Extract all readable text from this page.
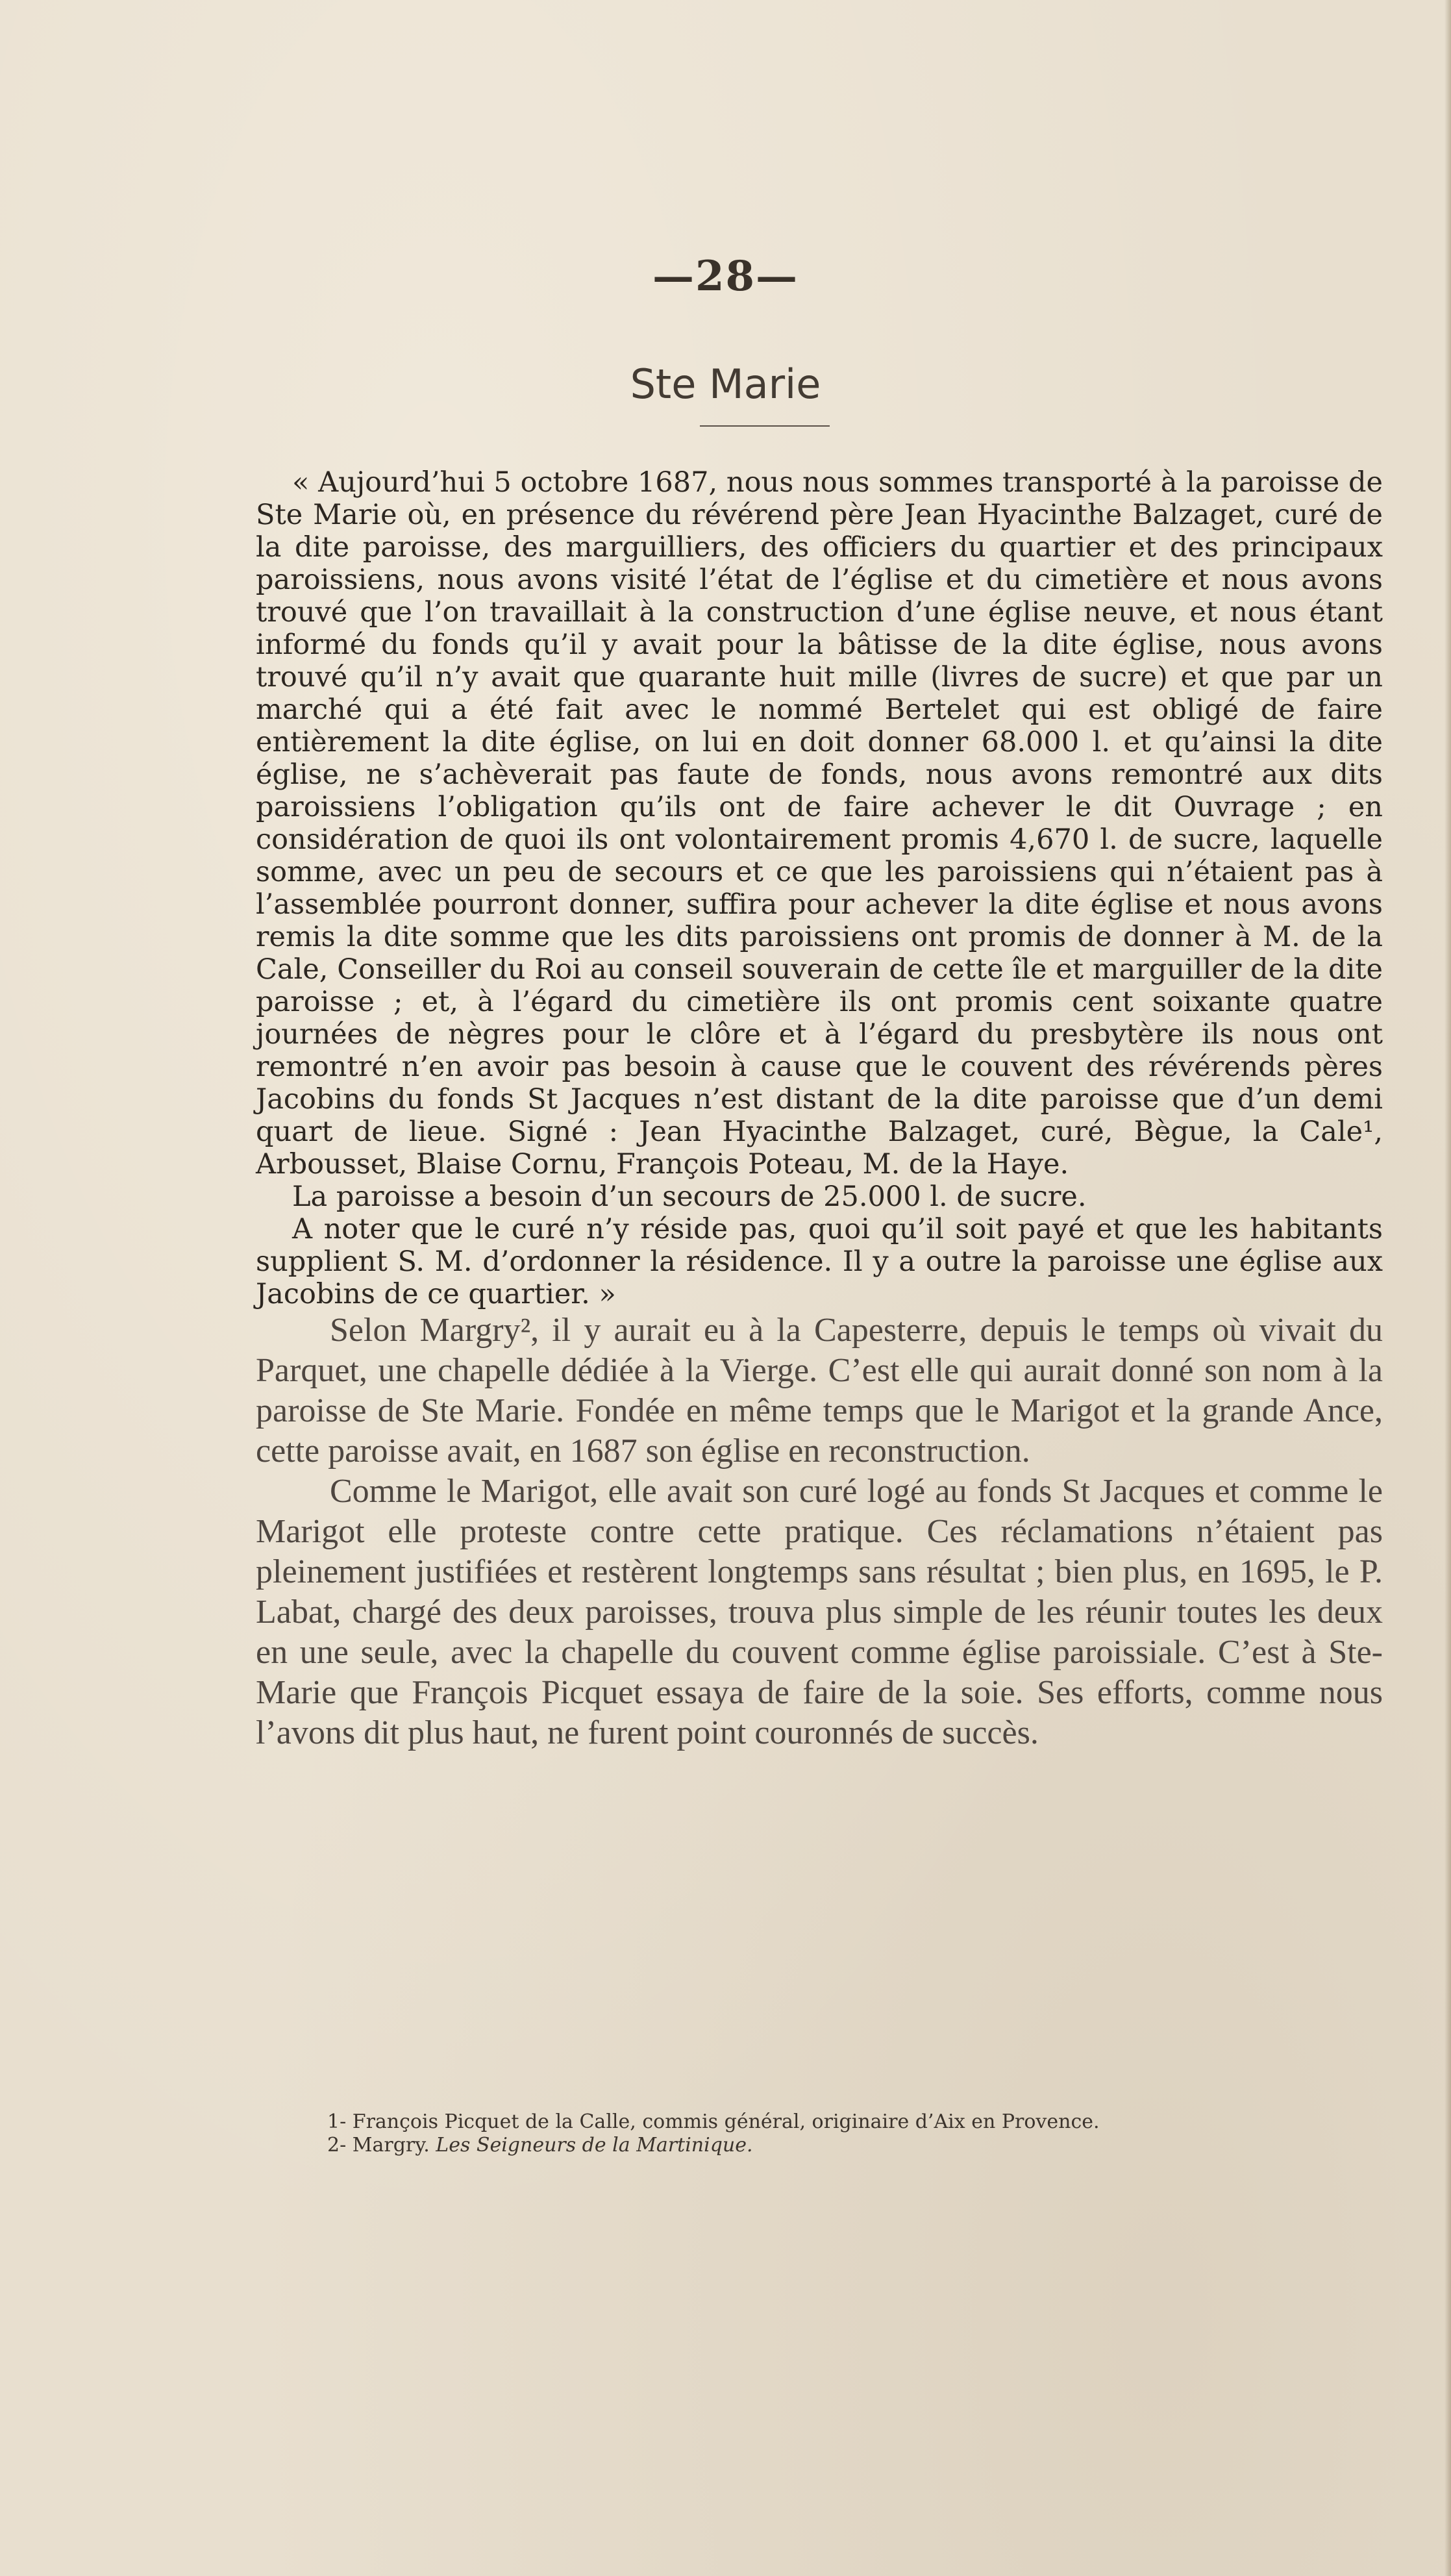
—28—
Ste Marie

« Aujourd’hui 5 octobre 1687, nous nous sommes transporté à la paroisse de Ste Marie où, en présence du révérend père Jean Hyacinthe Balzaget, curé de la dite paroisse, des marguilliers, des officiers du quartier et des principaux paroissiens, nous avons visité l’état de l’église et du cimetière et nous avons trouvé que l’on travaillait à la construction d’une église neuve, et nous étant informé du fonds qu’il y avait pour la bâtisse de la dite église, nous avons trouvé qu’il n’y avait que quarante huit mille (livres de sucre) et que par un marché qui a été fait avec le nommé Bertelet qui est obligé de faire entièrement la dite église, on lui en doit donner 68.000 l. et qu’ainsi la dite église, ne s’achèverait pas faute de fonds, nous avons remontré aux dits paroissiens l’obligation qu’ils ont de faire achever le dit Ouvrage ; en considération de quoi ils ont volontairement promis 4,670 l. de sucre, laquelle somme, avec un peu de secours et ce que les paroissiens qui n’étaient pas à l’assemblée pourront donner, suffira pour achever la dite église et nous avons remis la dite somme que les dits paroissiens ont promis de donner à M. de la Cale, Conseiller du Roi au conseil souverain de cette île et marguiller de la dite paroisse ; et, à l’égard du cimetière ils ont promis cent soixante quatre journées de nègres pour le clôre et à l’égard du presbytère ils nous ont remontré n’en avoir pas besoin à cause que le couvent des révérends pères Jacobins du fonds St Jacques n’est distant de la dite paroisse que d’un demi quart de lieue. Signé : Jean Hyacinthe Balzaget, curé, Bègue, la Cale¹, Arbousset, Blaise Cornu, François Poteau, M. de la Haye.

La paroisse a besoin d’un secours de 25.000 l. de sucre.

A noter que le curé n’y réside pas, quoi qu’il soit payé et que les habitants supplient S. M. d’ordonner la résidence. Il y a outre la paroisse une église aux Jacobins de ce quartier. »

Selon Margry², il y aurait eu à la Capesterre, depuis le temps où vivait du Parquet, une chapelle dédiée à la Vierge. C’est elle qui aurait donné son nom à la paroisse de Ste Marie. Fondée en même temps que le Marigot et la grande Ance, cette paroisse avait, en 1687 son église en reconstruction.

Comme le Marigot, elle avait son curé logé au fonds St Jacques et comme le Marigot elle proteste contre cette pratique. Ces réclamations n’étaient pas pleinement justifiées et restèrent longtemps sans résultat ; bien plus, en 1695, le P. Labat, chargé des deux paroisses, trouva plus simple de les réunir toutes les deux en une seule, avec la chapelle du couvent comme église paroissiale. C’est à Ste-Marie que François Picquet essaya de faire de la soie. Ses efforts, comme nous l’avons dit plus haut, ne furent point couronnés de succès.

1- François Picquet de la Calle, commis général, originaire d’Aix en Provence.
2- Margry. Les Seigneurs de la Martinique.
